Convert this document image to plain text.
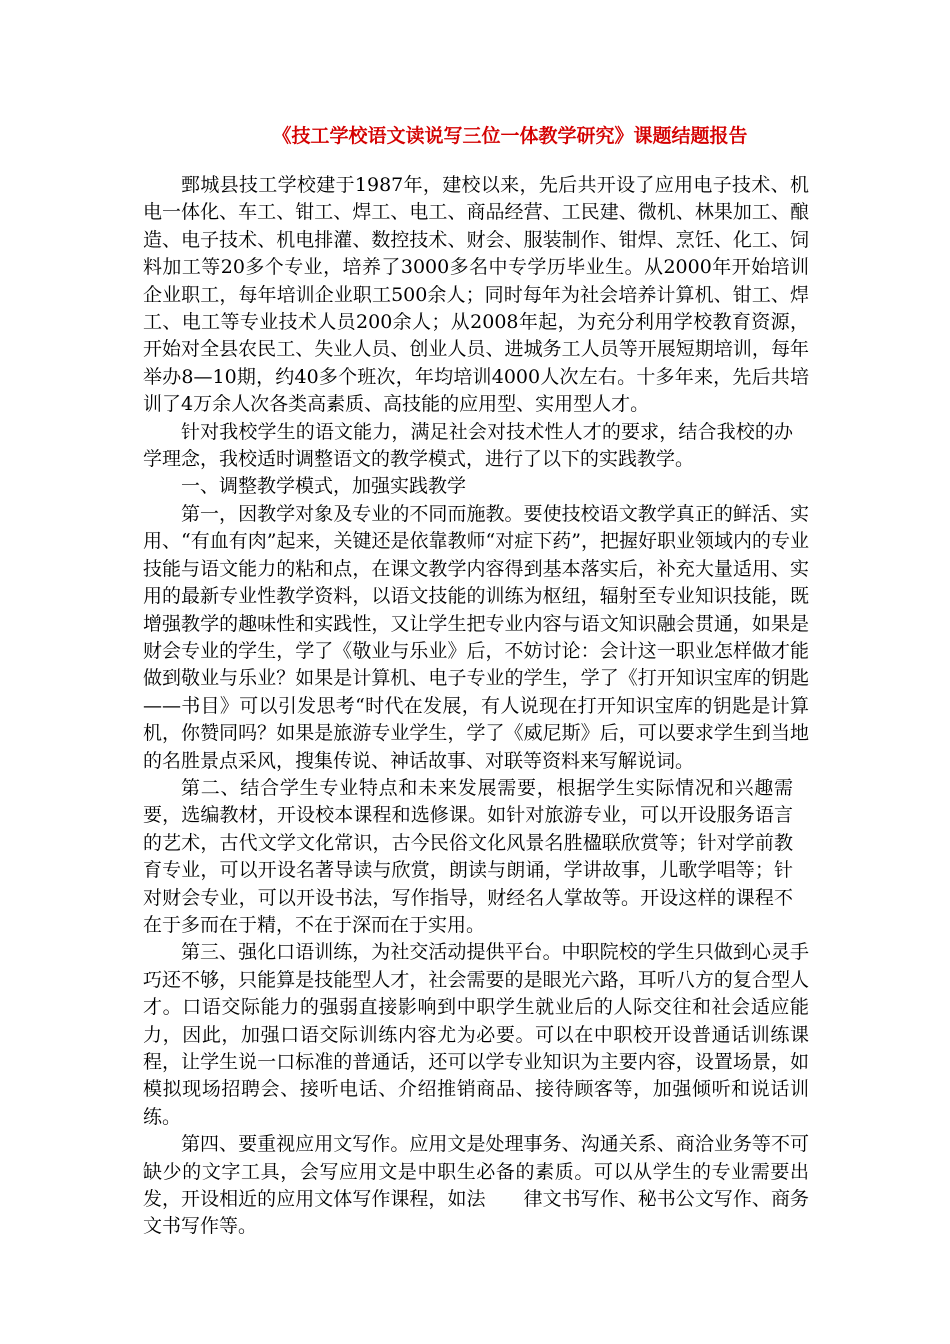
《技工学校语文读说写三位一体教学研究》课题结题报告

鄄城县技工学校建于1987年，建校以来，先后共开设了应用电子技术、机电一体化、车工、钳工、焊工、电工、商品经营、工民建、微机、林果加工、酿造、电子技术、机电排灌、数控技术、财会、服装制作、钳焊、烹饪、化工、饲料加工等20多个专业，培养了3000多名中专学历毕业生。从2000年开始培训企业职工，每年培训企业职工500余人；同时每年为社会培养计算机、钳工、焊工、电工等专业技术人员200余人；从2008年起，为充分利用学校教育资源，开始对全县农民工、失业人员、创业人员、进城务工人员等开展短期培训，每年举办8—10期，约40多个班次，年均培训4000人次左右。十多年来，先后共培训了4万余人次各类高素质、高技能的应用型、实用型人才。

针对我校学生的语文能力，满足社会对技术性人才的要求，结合我校的办学理念，我校适时调整语文的教学模式，进行了以下的实践教学。

一、调整教学模式，加强实践教学

第一，因教学对象及专业的不同而施教。要使技校语文教学真正的鲜活、实用、“有血有肉”起来，关键还是依靠教师“对症下药”，把握好职业领域内的专业技能与语文能力的粘和点，在课文教学内容得到基本落实后，补充大量适用、实用的最新专业性教学资料，以语文技能的训练为枢纽，辐射至专业知识技能，既增强教学的趣味性和实践性，又让学生把专业内容与语文知识融会贯通，如果是财会专业的学生，学了《敬业与乐业》后，不妨讨论：会计这一职业怎样做才能做到敬业与乐业？如果是计算机、电子专业的学生，学了《打开知识宝库的钥匙——书目》可以引发思考“时代在发展，有人说现在打开知识宝库的钥匙是计算机，你赞同吗？如果是旅游专业学生，学了《威尼斯》后，可以要求学生到当地的名胜景点采风，搜集传说、神话故事、对联等资料来写解说词。

第二、结合学生专业特点和未来发展需要，根据学生实际情况和兴趣需要，选编教材，开设校本课程和选修课。如针对旅游专业，可以开设服务语言的艺术，古代文学文化常识，古今民俗文化风景名胜楹联欣赏等；针对学前教育专业，可以开设名著导读与欣赏，朗读与朗诵，学讲故事，儿歌学唱等；针对财会专业，可以开设书法，写作指导，财经名人掌故等。开设这样的课程不在于多而在于精，不在于深而在于实用。

第三、强化口语训练，为社交活动提供平台。中职院校的学生只做到心灵手巧还不够，只能算是技能型人才，社会需要的是眼光六路，耳听八方的复合型人才。口语交际能力的强弱直接影响到中职学生就业后的人际交往和社会适应能力，因此，加强口语交际训练内容尤为必要。可以在中职校开设普通话训练课程，让学生说一口标准的普通话，还可以学专业知识为主要内容，设置场景，如模拟现场招聘会、接听电话、介绍推销商品、接待顾客等，加强倾听和说话训练。

第四、要重视应用文写作。应用文是处理事务、沟通关系、商洽业务等不可缺少的文字工具，会写应用文是中职生必备的素质。可以从学生的专业需要出发，开设相近的应用文体写作课程，如法　　律文书写作、秘书公文写作、商务文书写作等。
